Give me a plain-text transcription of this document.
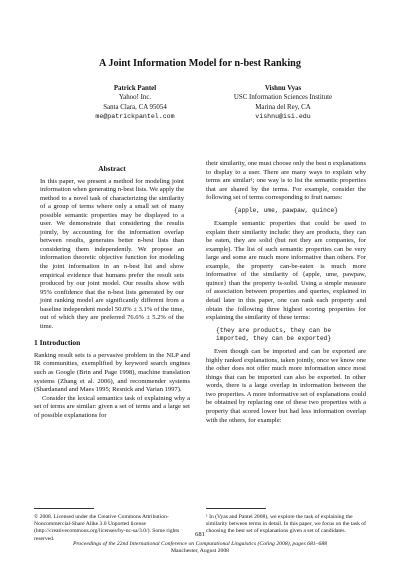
A Joint Information Model for n-best Ranking
Patrick Pantel
Yahoo! Inc.
Santa Clara, CA 95054
me@patrickpantel.com
Vishnu Vyas
USC Information Sciences Institute
Marina del Rey, CA
vishnu@isi.edu
Abstract
In this paper, we present a method for modeling joint information when generating n-best lists. We apply the method to a novel task of characterizing the similarity of a group of terms where only a small set of many possible semantic properties may be displayed to a user. We demonstrate that considering the results jointly, by accounting for the information overlap between results, generates better n-best lists than considering them independently. We propose an information theoretic objective function for modeling the joint information in an n-best list and show empirical evidence that humans prefer the result sets produced by our joint model. Our results show with 95% confidence that the n-best lists generated by our joint ranking model are significantly different from a baseline independent model 50.0% ± 3.1% of the time, out of which they are preferred 76.6% ± 5.2% of the time.
1 Introduction

Ranking result sets is a pervasive problem in the NLP and IR communities, exemplified by keyword search engines such as Google (Brin and Page 1998), machine translation systems (Zhang et al. 2006), and recommender systems (Shardanand and Maes 1995; Resnick and Varian 1997).

Consider the lexical semantics task of explaining why a set of terms are similar: given a set of terms and a large set of possible explanations for

their similarity, one must choose only the best n explanations to display to a user. There are many ways to explain why terms are similar¹; one way is to list the semantic properties that are shared by the terms. For example, consider the following set of terms corresponding to fruit names:

{apple, ume, pawpaw, quince}

Example semantic properties that could be used to explain their similarity include: they are products, they can be eaten, they are solid (but not they are companies, for example). The list of such semantic properties can be very large and some are much more informative than others. For example, the property can-be-eaten is much more informative of the similarity of {apple, ume, pawpaw, quince} than the property is-solid. Using a simple measure of association between properties and queries, explained in detail later in this paper, one can rank each property and obtain the following three highest scoring properties for explaining the similarity of these terms:

{they are products, they can be
imported, they can be exported}

Even though can be imported and can be exported are highly ranked explanations, taken jointly, once we know one the other does not offer much more information since most things that can be imported can also be exported. In other words, there is a large overlap in information between the two properties. A more informative set of explanations could be obtained by replacing one of these two properties with a property that scored lower but had less information overlap with the others, for example:

© 2008. Licensed under the Creative Commons Attribution-Noncommercial-Share Alike 3.0 Unported license (http://creativecommons.org/licenses/by-nc-sa/3.0/). Some rights reserved.
¹ In (Vyas and Pantel 2008), we explore the task of explaining the similarity between terms in detail. In this paper, we focus on the task of choosing the best set of explanations given a set of candidates.
681
Proceedings of the 22nd International Conference on Computational Linguistics (Coling 2008), pages 681–688
Manchester, August 2008
